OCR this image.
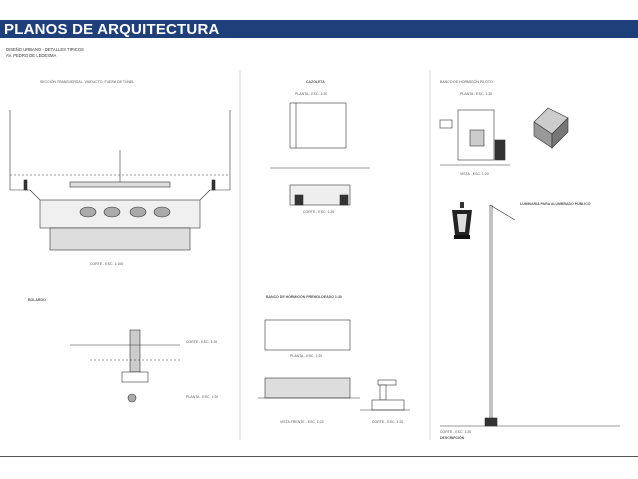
PLANOS DE ARQUITECTURA
DISEÑO URBANO - DETALLES TIPICOS
AV. PEDRO DE LEDESMA
SECCIÓN TRANSVERSAL, VIADUCTO, FUERA DE TÚNEL
CORTE - ESC. 1:100
CAZOLETA
PLANTA - ESC. 1:20
CORTE - ESC. 1:20
BANCO DE HORMIGÓN PILOTO
PLANTA - ESC. 1:20
VISTA - ESC. 1:20
LUMINARIA PARA ALUMBRADO PÚBLICO
CORTE - ESC. 1:20
BOLARDO
CORTE - ESC. 1:20
PLANTA - ESC. 1:20
BANCO DE HORMIGÓN PREMOLDEADO 1:30
PLANTA - ESC. 1:20
VISTA FRENTE - ESC. 1:20	CORTE - ESC. 1:20
DESCRIPCIÓN
